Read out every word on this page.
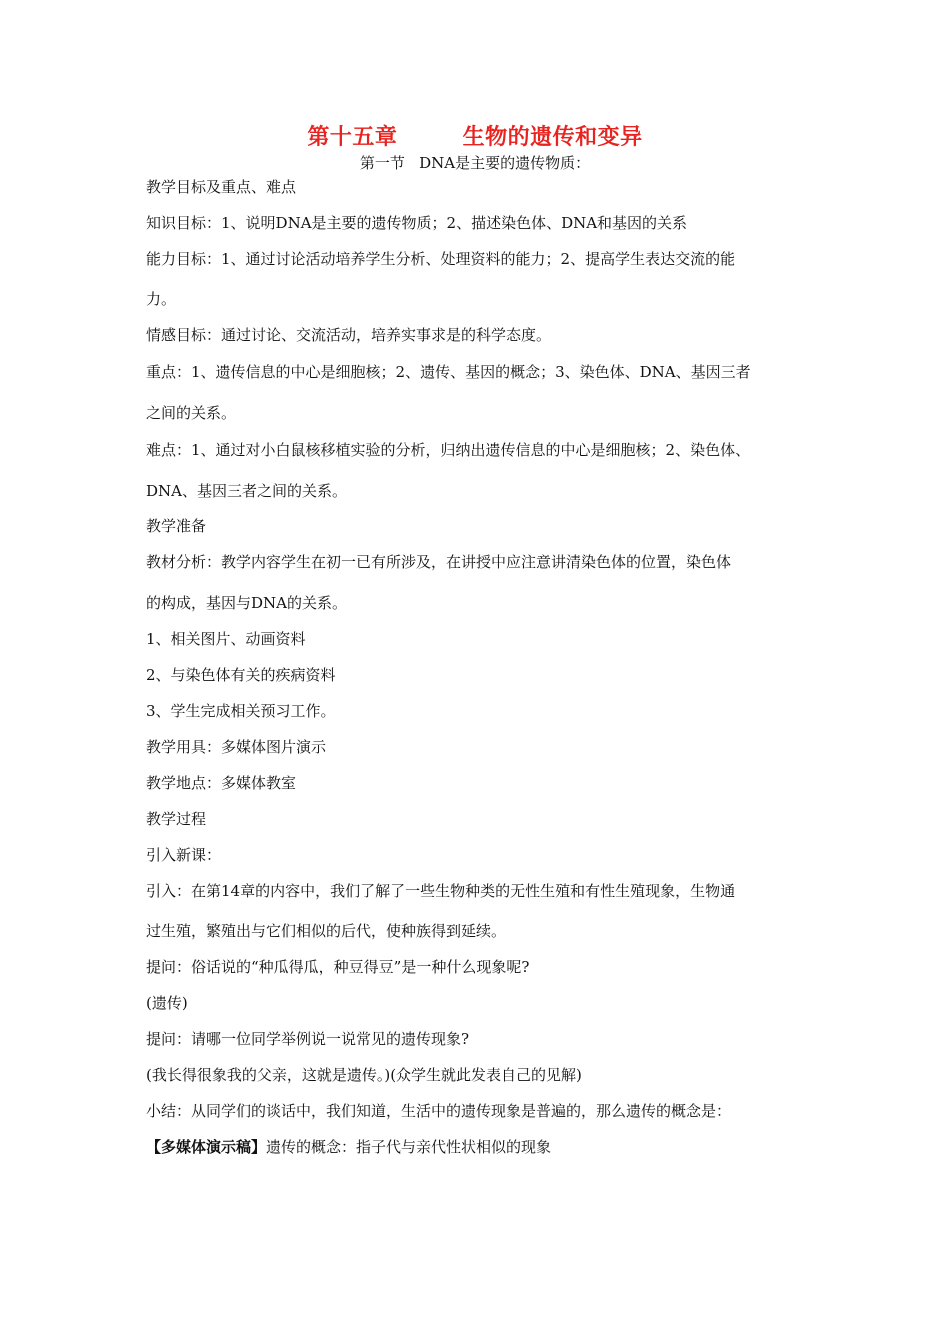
第十五章        生物的遗传和变异
第一节   DNA是主要的遗传物质：
教学目标及重点、难点
知识目标：1、说明DNA是主要的遗传物质；2、描述染色体、DNA和基因的关系
能力目标：1、通过讨论活动培养学生分析、处理资料的能力；2、提高学生表达交流的能
力。
情感目标：通过讨论、交流活动，培养实事求是的科学态度。
重点：1、遗传信息的中心是细胞核；2、遗传、基因的概念；3、染色体、DNA、基因三者
之间的关系。
难点：1、通过对小白鼠核移植实验的分析，归纳出遗传信息的中心是细胞核；2、染色体、
DNA、基因三者之间的关系。
教学准备
教材分析：教学内容学生在初一已有所涉及，在讲授中应注意讲清染色体的位置，染色体
的构成，基因与DNA的关系。
1、相关图片、动画资料
2、与染色体有关的疾病资料
3、学生完成相关预习工作。
教学用具：多媒体图片演示
教学地点：多媒体教室
教学过程
引入新课：
引入：在第14章的内容中，我们了解了一些生物种类的无性生殖和有性生殖现象，生物通
过生殖，繁殖出与它们相似的后代，使种族得到延续。
提问：俗话说的“种瓜得瓜，种豆得豆”是一种什么现象呢?
(遗传)
提问：请哪一位同学举例说一说常见的遗传现象?
(我长得很象我的父亲，这就是遗传。)(众学生就此发表自己的见解)
小结：从同学们的谈话中，我们知道，生活中的遗传现象是普遍的，那么遗传的概念是：
【多媒体演示稿】遗传的概念：指子代与亲代性状相似的现象
